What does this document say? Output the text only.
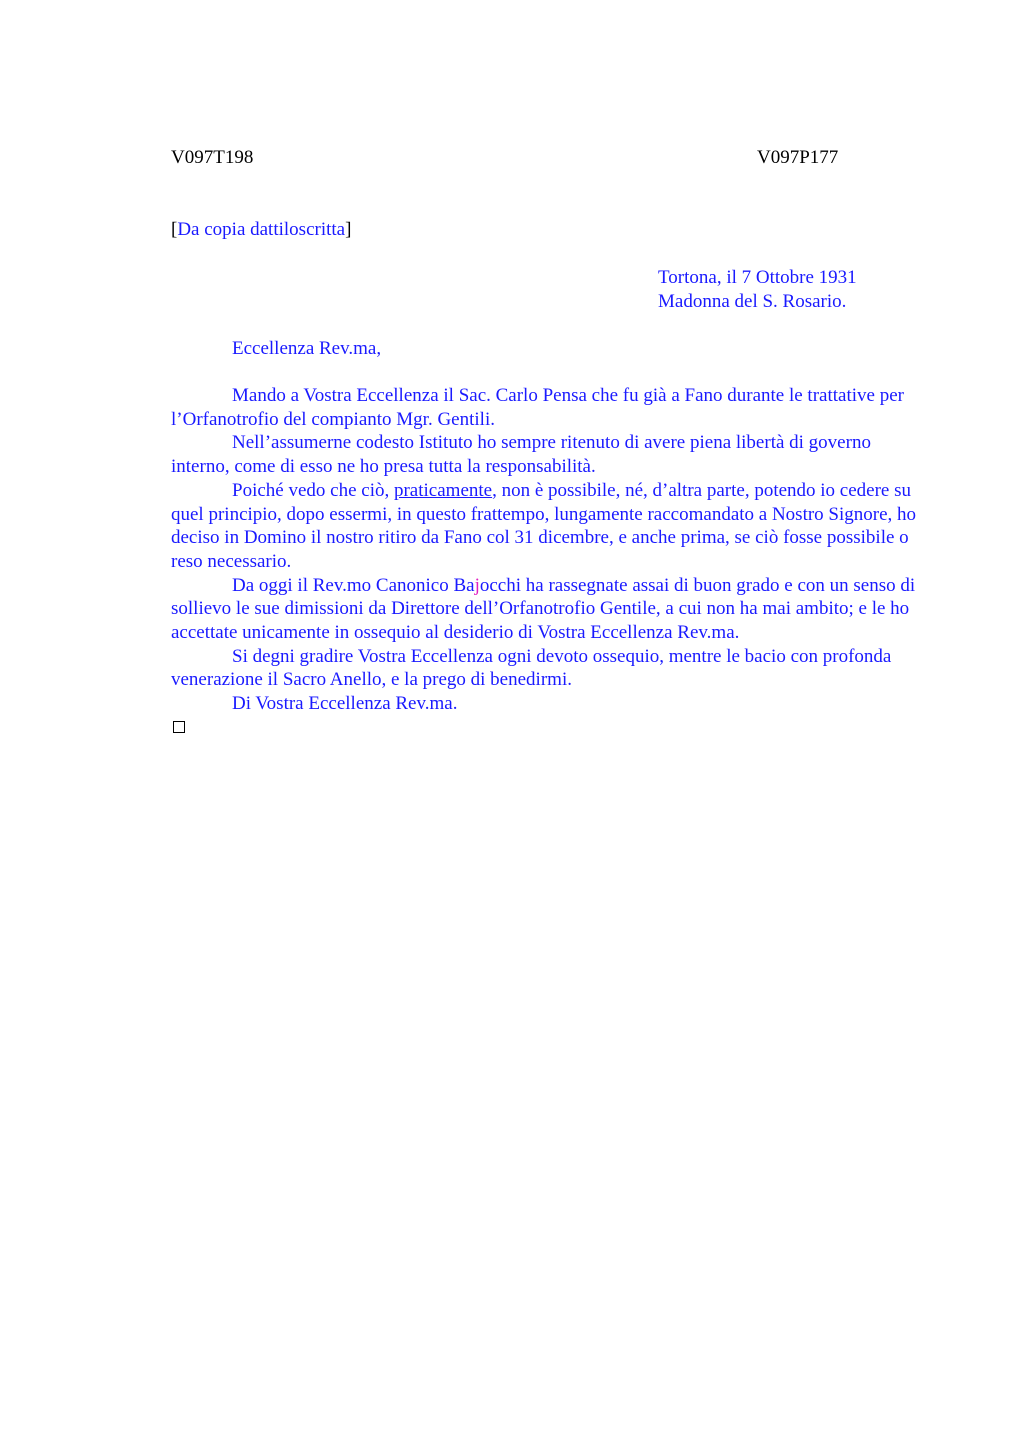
V097T198	V097P177
[Da copia dattiloscritta]
Tortona, il 7 Ottobre 1931
Madonna del S. Rosario.
Eccellenza Rev.ma,

Mando a Vostra Eccellenza il Sac. Carlo Pensa che fu già a Fano durante le trattative per l’Orfanotrofio del compianto Mgr. Gentili.

Nell’assumerne codesto Istituto ho sempre ritenuto di avere piena libertà di governo interno, come di esso ne ho presa tutta la responsabilità.

Poiché vedo che ciò, praticamente, non è possibile, né, d’altra parte, potendo io cedere su quel principio, dopo essermi, in questo frattempo, lungamente raccomandato a Nostro Signore, ho deciso in Domino il nostro ritiro da Fano col 31 dicembre, e anche prima, se ciò fosse possibile o reso necessario.

Da oggi il Rev.mo Canonico Bajocchi ha rassegnate assai di buon grado e con un senso di sollievo le sue dimissioni da Direttore dell’Orfanotrofio Gentile, a cui non ha mai ambito; e le ho accettate unicamente in ossequio al desiderio di Vostra Eccellenza Rev.ma.

Si degni gradire Vostra Eccellenza ogni devoto ossequio, mentre le bacio con profonda venerazione il Sacro Anello, e la prego di benedirmi.

Di Vostra Eccellenza Rev.ma.
